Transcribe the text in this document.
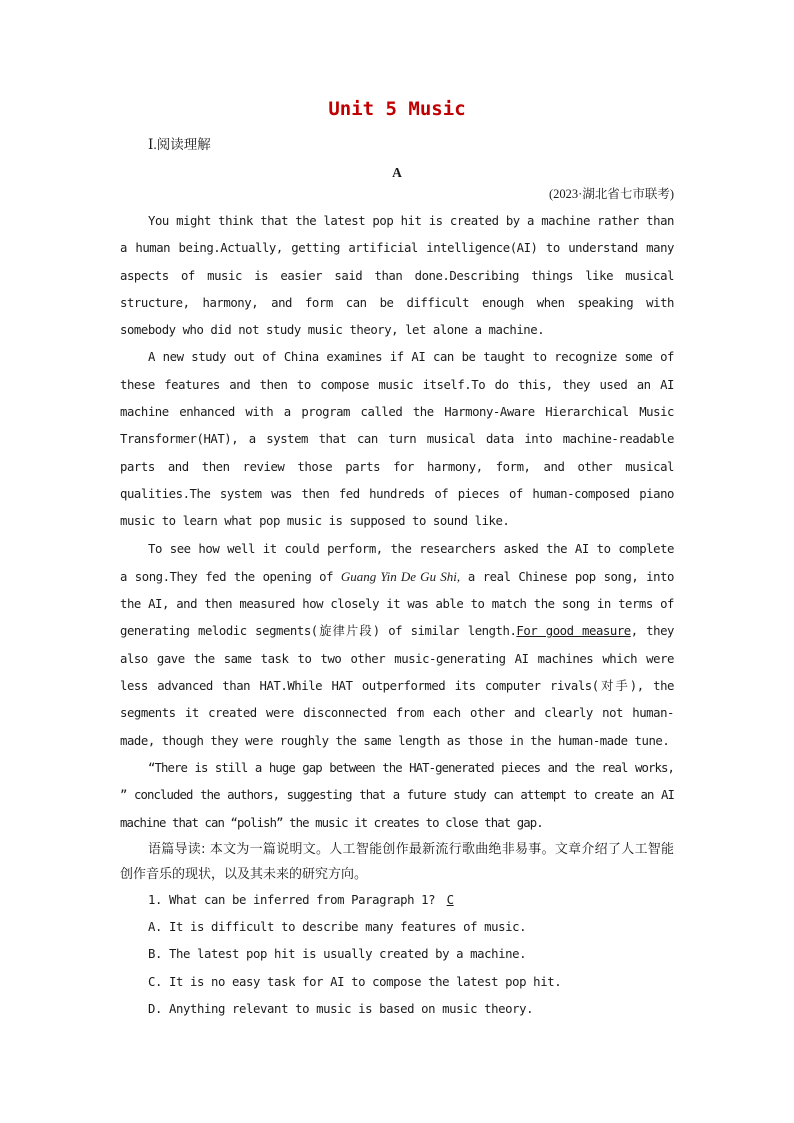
Unit 5 Music

Ⅰ.阅读理解

A

(2023·湖北省七市联考)

You might think that the latest pop hit is created by a machine rather than a human being.Actually, getting artificial intelligence(AI) to understand many aspects of music is easier said than done.Describing things like musical structure, harmony, and form can be difficult enough when speaking with somebody who did not study music theory, let alone a machine.

A new study out of China examines if AI can be taught to recognize some of these features and then to compose music itself.To do this, they used an AI machine enhanced with a program called the Harmony-Aware Hierarchical Music Transformer(HAT), a system that can turn musical data into machine-readable parts and then review those parts for harmony, form, and other musical qualities.The system was then fed hundreds of pieces of human-composed piano music to learn what pop music is supposed to sound like.

To see how well it could perform, the researchers asked the AI to complete a song.They fed the opening of Guang Yin De Gu Shi, a real Chinese pop song, into the AI, and then measured how closely it was able to match the song in terms of generating melodic segments(旋律片段) of similar length.For good measure, they also gave the same task to two other music-generating AI machines which were less advanced than HAT.While HAT outperformed its computer rivals(对手), the segments it created were disconnected from each other and clearly not human-made, though they were roughly the same length as those in the human-made tune.

“There is still a huge gap between the HAT-generated pieces and the real works, ” concluded the authors, suggesting that a future study can attempt to create an AI machine that can “polish” the music it creates to close that gap.

语篇导读: 本文为一篇说明文。人工智能创作最新流行歌曲绝非易事。文章介绍了人工智能创作音乐的现状，以及其未来的研究方向。

1. What can be inferred from Paragraph 1? C

A. It is difficult to describe many features of music.

B. The latest pop hit is usually created by a machine.

C. It is no easy task for AI to compose the latest pop hit.

D. Anything relevant to music is based on music theory.
